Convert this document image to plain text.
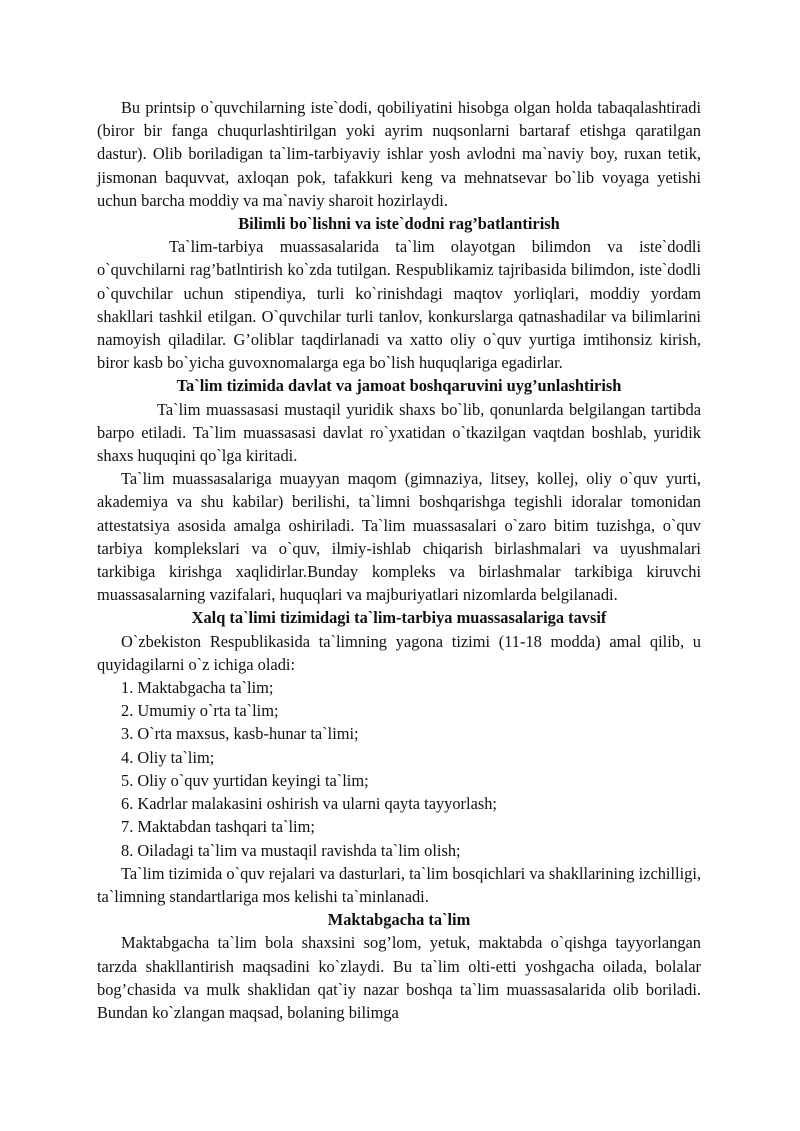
Bu printsip o`quvchilarning iste`dodi, qobiliyatini hisobga olgan holda tabaqalashtiradi (biror bir fanga chuqurlashtirilgan yoki ayrim nuqsonlarni bartaraf etishga qaratilgan dastur). Olib boriladigan ta`lim-tarbiyaviy ishlar yosh avlodni ma`naviy boy, ruxan tetik, jismonan baquvvat, axloqan pok, tafakkuri keng va mehnatsevar bo`lib voyaga yetishi uchun barcha moddiy va ma`naviy sharoit hozirlaydi.

Bilimli bo`lishni va iste`dodni rag’batlantirish

Ta`lim-tarbiya muassasalarida ta`lim olayotgan bilimdon va iste`dodli o`quvchilarni rag’batlntirish ko`zda tutilgan. Respublikamiz tajribasida bilimdon, iste`dodli o`quvchilar uchun stipendiya, turli ko`rinishdagi maqtov yorliqlari, moddiy yordam shakllari tashkil etilgan. O`quvchilar turli tanlov, konkurslarga qatnashadilar va bilimlarini namoyish qiladilar. G’oliblar taqdirlanadi va xatto oliy o`quv yurtiga imtihonsiz kirish, biror kasb bo`yicha guvoxnomalarga ega bo`lish huquqlariga egadirlar.

Ta`lim tizimida davlat va jamoat boshqaruvini uyg’unlashtirish

Ta`lim muassasasi mustaqil yuridik shaxs bo`lib, qonunlarda belgilangan tartibda barpo etiladi. Ta`lim muassasasi davlat ro`yxatidan o`tkazilgan vaqtdan boshlab, yuridik shaxs huquqini qo`lga kiritadi.

Ta`lim muassasalariga muayyan maqom (gimnaziya, litsey, kollej, oliy o`quv yurti, akademiya va shu kabilar) berilishi, ta`limni boshqarishga tegishli idoralar tomonidan attestatsiya asosida amalga oshiriladi. Ta`lim muassasalari o`zaro bitim tuzishga, o`quv tarbiya komplekslari va o`quv, ilmiy-ishlab chiqarish birlashmalari va uyushmalari tarkibiga kirishga xaqlidirlar.Bunday kompleks va birlashmalar tarkibiga kiruvchi muassasalarning vazifalari, huquqlari va majburiyatlari nizomlarda belgilanadi.

Xalq ta`limi tizimidagi ta`lim-tarbiya muassasalariga tavsif

O`zbekiston Respublikasida ta`limning yagona tizimi (11-18 modda) amal qilib, u quyidagilarni o`z ichiga oladi:

1. Maktabgacha ta`lim;
2. Umumiy o`rta ta`lim;
3. O`rta maxsus, kasb-hunar ta`limi;
4. Oliy ta`lim;
5. Oliy o`quv yurtidan keyingi ta`lim;
6. Kadrlar malakasini oshirish va ularni qayta tayyorlash;
7. Maktabdan tashqari ta`lim;
8. Oiladagi ta`lim va mustaqil ravishda ta`lim olish;

Ta`lim tizimida o`quv rejalari va dasturlari, ta`lim bosqichlari va shakllarining izchilligi, ta`limning standartlariga mos kelishi ta`minlanadi.

Maktabgacha ta`lim

Maktabgacha ta`lim bola shaxsini sog’lom, yetuk, maktabda o`qishga tayyorlangan tarzda shakllantirish maqsadini ko`zlaydi. Bu ta`lim olti-etti yoshgacha oilada, bolalar bog’chasida va mulk shaklidan qat`iy nazar boshqa ta`lim muassasalarida olib boriladi. Bundan ko`zlangan maqsad, bolaning bilimga
